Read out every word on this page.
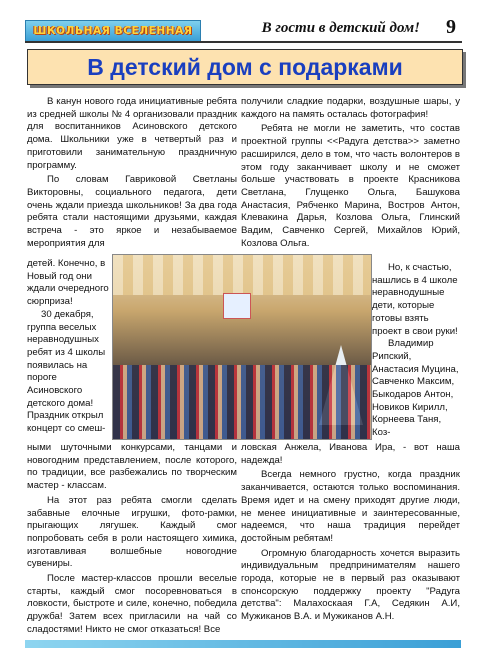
ШКОЛЬНАЯ ВСЕЛЕННАЯ	В гости в детский дом!	9
В детский дом с подарками

В канун нового года инициативные ребята из средней школы № 4 организовали праздник для воспитанников Асиновского детского дома. Школьники уже в четвертый раз и приготовили занимательную праздничную программу.

По словам Гавриковой Светланы Викторовны, социального педагога, дети очень ждали приезда школьников! За два года ребята стали настоящими друзьями, каждая встреча - это яркое и незабываемое мероприятия для

детей. Конечно, в Новый год они ждали очередного сюрприза!

30 декабря, группа веселых неравнодушных ребят из 4 школы появилась на пороге Асиновского детского дома! Праздник открыл концерт со смеш-

ными шуточными конкурсами, танцами и новогодним представлением, после которого, по традиции, все разбежались по творческим мастер - классам.

На этот раз ребята смогли сделать забавные елочные игрушки, фото-рамки, прыгающих лягушек. Каждый смог попробовать себя в роли настоящего химика, изготавливая волшебные новогодние сувениры.

После мастер-классов прошли веселые старты, каждый смог посоревноваться в ловкости, быстроте и силе, конечно, победила дружба! Затем всех пригласили на чай со сладостями! Никто не смог отказаться! Все

получили сладкие подарки, воздушные шары, у каждого на память осталась фотография!

Ребята не могли не заметить, что состав проектной группы <<Радуга детства>> заметно расширился, дело в том, что часть волонтеров в этом году заканчивает школу и не сможет больше участвовать в проекте Красникова Светлана, Глущенко Ольга, Башукова Анастасия, Рябченко Марина, Востров Антон, Клевакина Дарья, Козлова Ольга, Глинский Вадим, Савченко Сергей, Михайлов Юрий, Козлова Ольга.

Но, к счастью, нашлись в 4 школе неравнодушные дети, которые готовы взять проект в свои руки!

Владимир Рипский, Анастасия Муцина, Савченко Максим, Быкодаров Антон, Новиков Кирилл, Корнеева Таня, Коз-

ловская Анжела, Иванова Ира, - вот наша надежда!

Всегда немного грустно, когда праздник заканчивается, остаются только воспоминания. Время идет и на смену приходят другие люди, не менее инициативные и заинтересованные, надеемся, что наша традиция перейдет достойным ребятам!

Огромную благодарность хочется выразить индивидуальным предпринимателям нашего города, которые не в первый раз оказывают спонсорскую поддержку проекту "Радуга детства": Малахоскаая Г.А, Седякин А.И, Мужиканов В.А. и Мужиканов А.Н.
